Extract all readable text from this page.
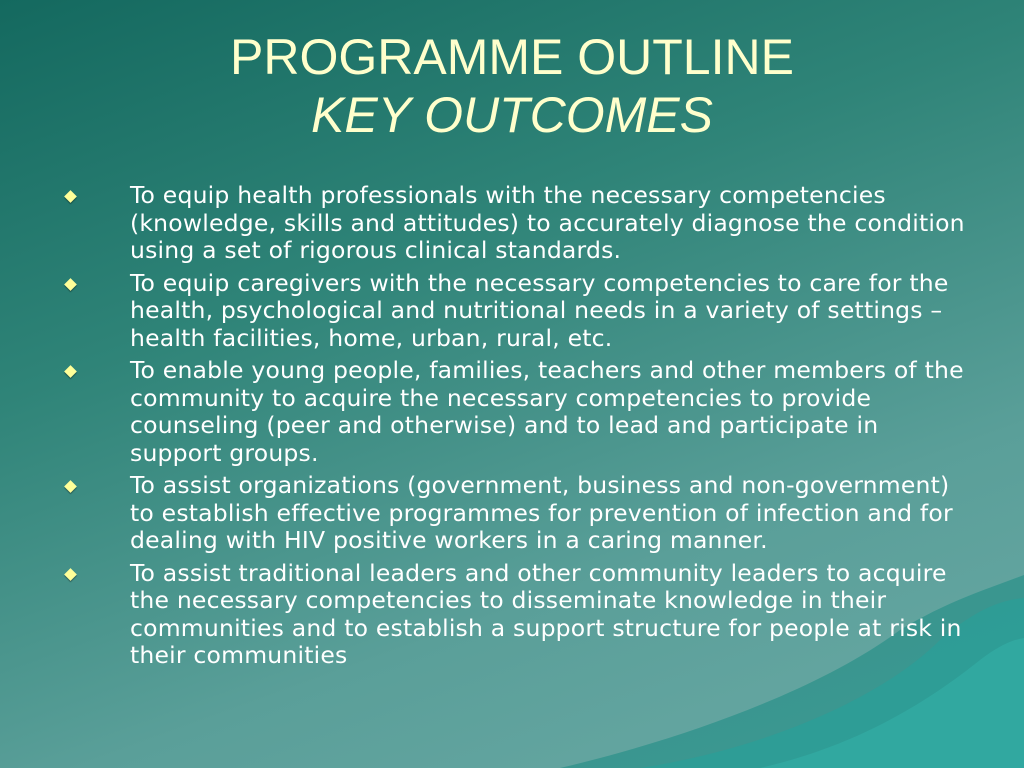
PROGRAMME OUTLINE
KEY OUTCOMES
To equip health professionals with the necessary competencies (knowledge, skills and attitudes) to accurately diagnose the condition using a set of rigorous clinical standards.
To equip caregivers with the necessary competencies to care for the health, psychological and nutritional needs in a variety of settings – health facilities, home, urban, rural, etc.
To enable young people, families, teachers and other members of the community to acquire the necessary competencies to provide counseling (peer and otherwise) and to lead and participate in support groups.
To assist organizations (government, business and non-government) to establish effective programmes for prevention of infection and for dealing with HIV positive workers in a caring manner.
To assist traditional leaders and other community leaders to acquire the necessary competencies to disseminate knowledge in their communities and to establish a support structure for people at risk in their communities
